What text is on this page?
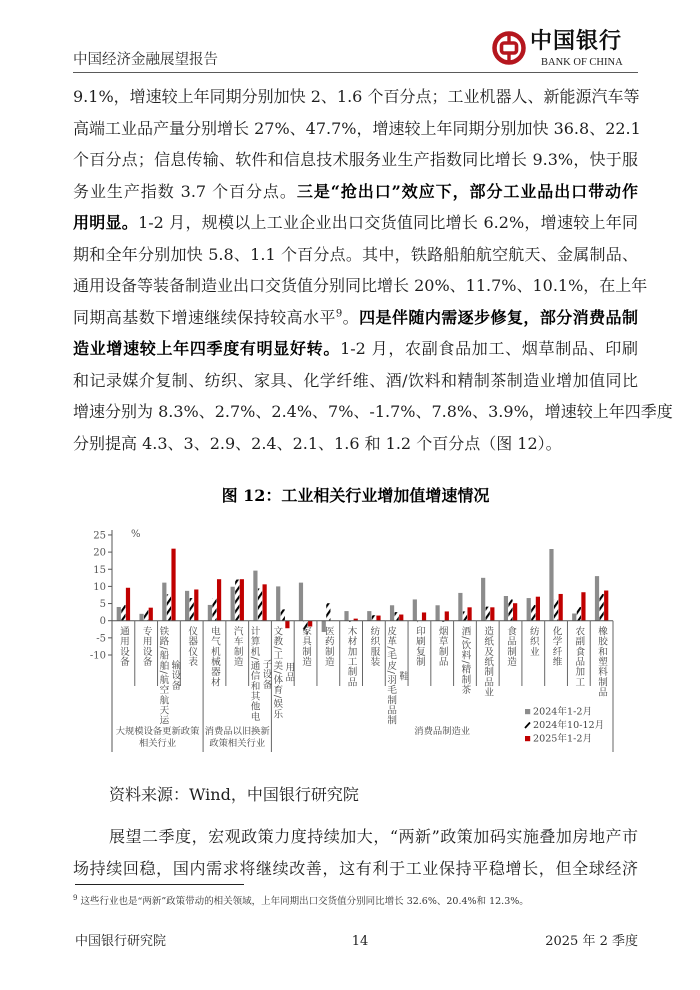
中国经济金融展望报告
中国银行
BANK OF CHINA
9.1%，增速较上年同期分别加快 2、1.6 个百分点；工业机器人、新能源汽车等
高端工业品产量分别增长 27%、47.7%，增速较上年同期分别加快 36.8、22.1
个百分点；信息传输、软件和信息技术服务业生产指数同比增长 9.3%，快于服
务业生产指数 3.7 个百分点。三是“抢出口”效应下，部分工业品出口带动作
用明显。1-2 月，规模以上工业企业出口交货值同比增长 6.2%，增速较上年同
期和全年分别加快 5.8、1.1 个百分点。其中，铁路船舶航空航天、金属制品、
通用设备等装备制造业出口交货值分别同比增长 20%、11.7%、10.1%，在上年
同期高基数下增速继续保持较高水平$^9$。四是伴随内需逐步修复，部分消费品制
造业增速较上年四季度有明显好转。1-2 月，农副食品加工、烟草制品、印刷
和记录媒介复制、纺织、家具、化学纤维、酒/饮料和精制茶制造业增加值同比
增速分别为 8.3%、2.7%、2.4%、7%、-1.7%、7.8%、3.9%，增速较上年四季度
分别提高 4.3、3、2.9、2.4、2.1、1.6 和 1.2 个百分点（图 12）。
图 12：工业相关行业增加值增速情况
-10
-5
0
5
10
15
20
25	%
2024年1-2月
2024年10-12月
2025年1-2月
通用设备 专用设备 铁路/船舶/航空航天运 输设备
仪器仪表 电气机械器材 汽车制造 计算机/通信和其他电 子设备 文教/工美/体育/娱乐 用品
家具制造 医药制造 木材加工制品 纺织服装 皮革/毛皮/羽毛制品制 鞋
印刷复制 烟草制品 酒/饮料/精制茶 造纸及纸制品业 食品制造 纺织业 化学纤维 农副食品加工 橡胶和塑料制品
大规模设备更新政策
相关行业
消费品以旧换新
政策相关行业
消费品制造业
资料来源：Wind，中国银行研究院
展望二季度，宏观政策力度持续加大，“两新”政策加码实施叠加房地产市
场持续回稳，国内需求将继续改善，这有利于工业保持平稳增长，但全球经济
$^9$ 这些行业也是“两新”政策带动的相关领域，上年同期出口交货值分别同比增长 32.6%、20.4%和 12.3%。
中国银行研究院	14	2025 年 2 季度
